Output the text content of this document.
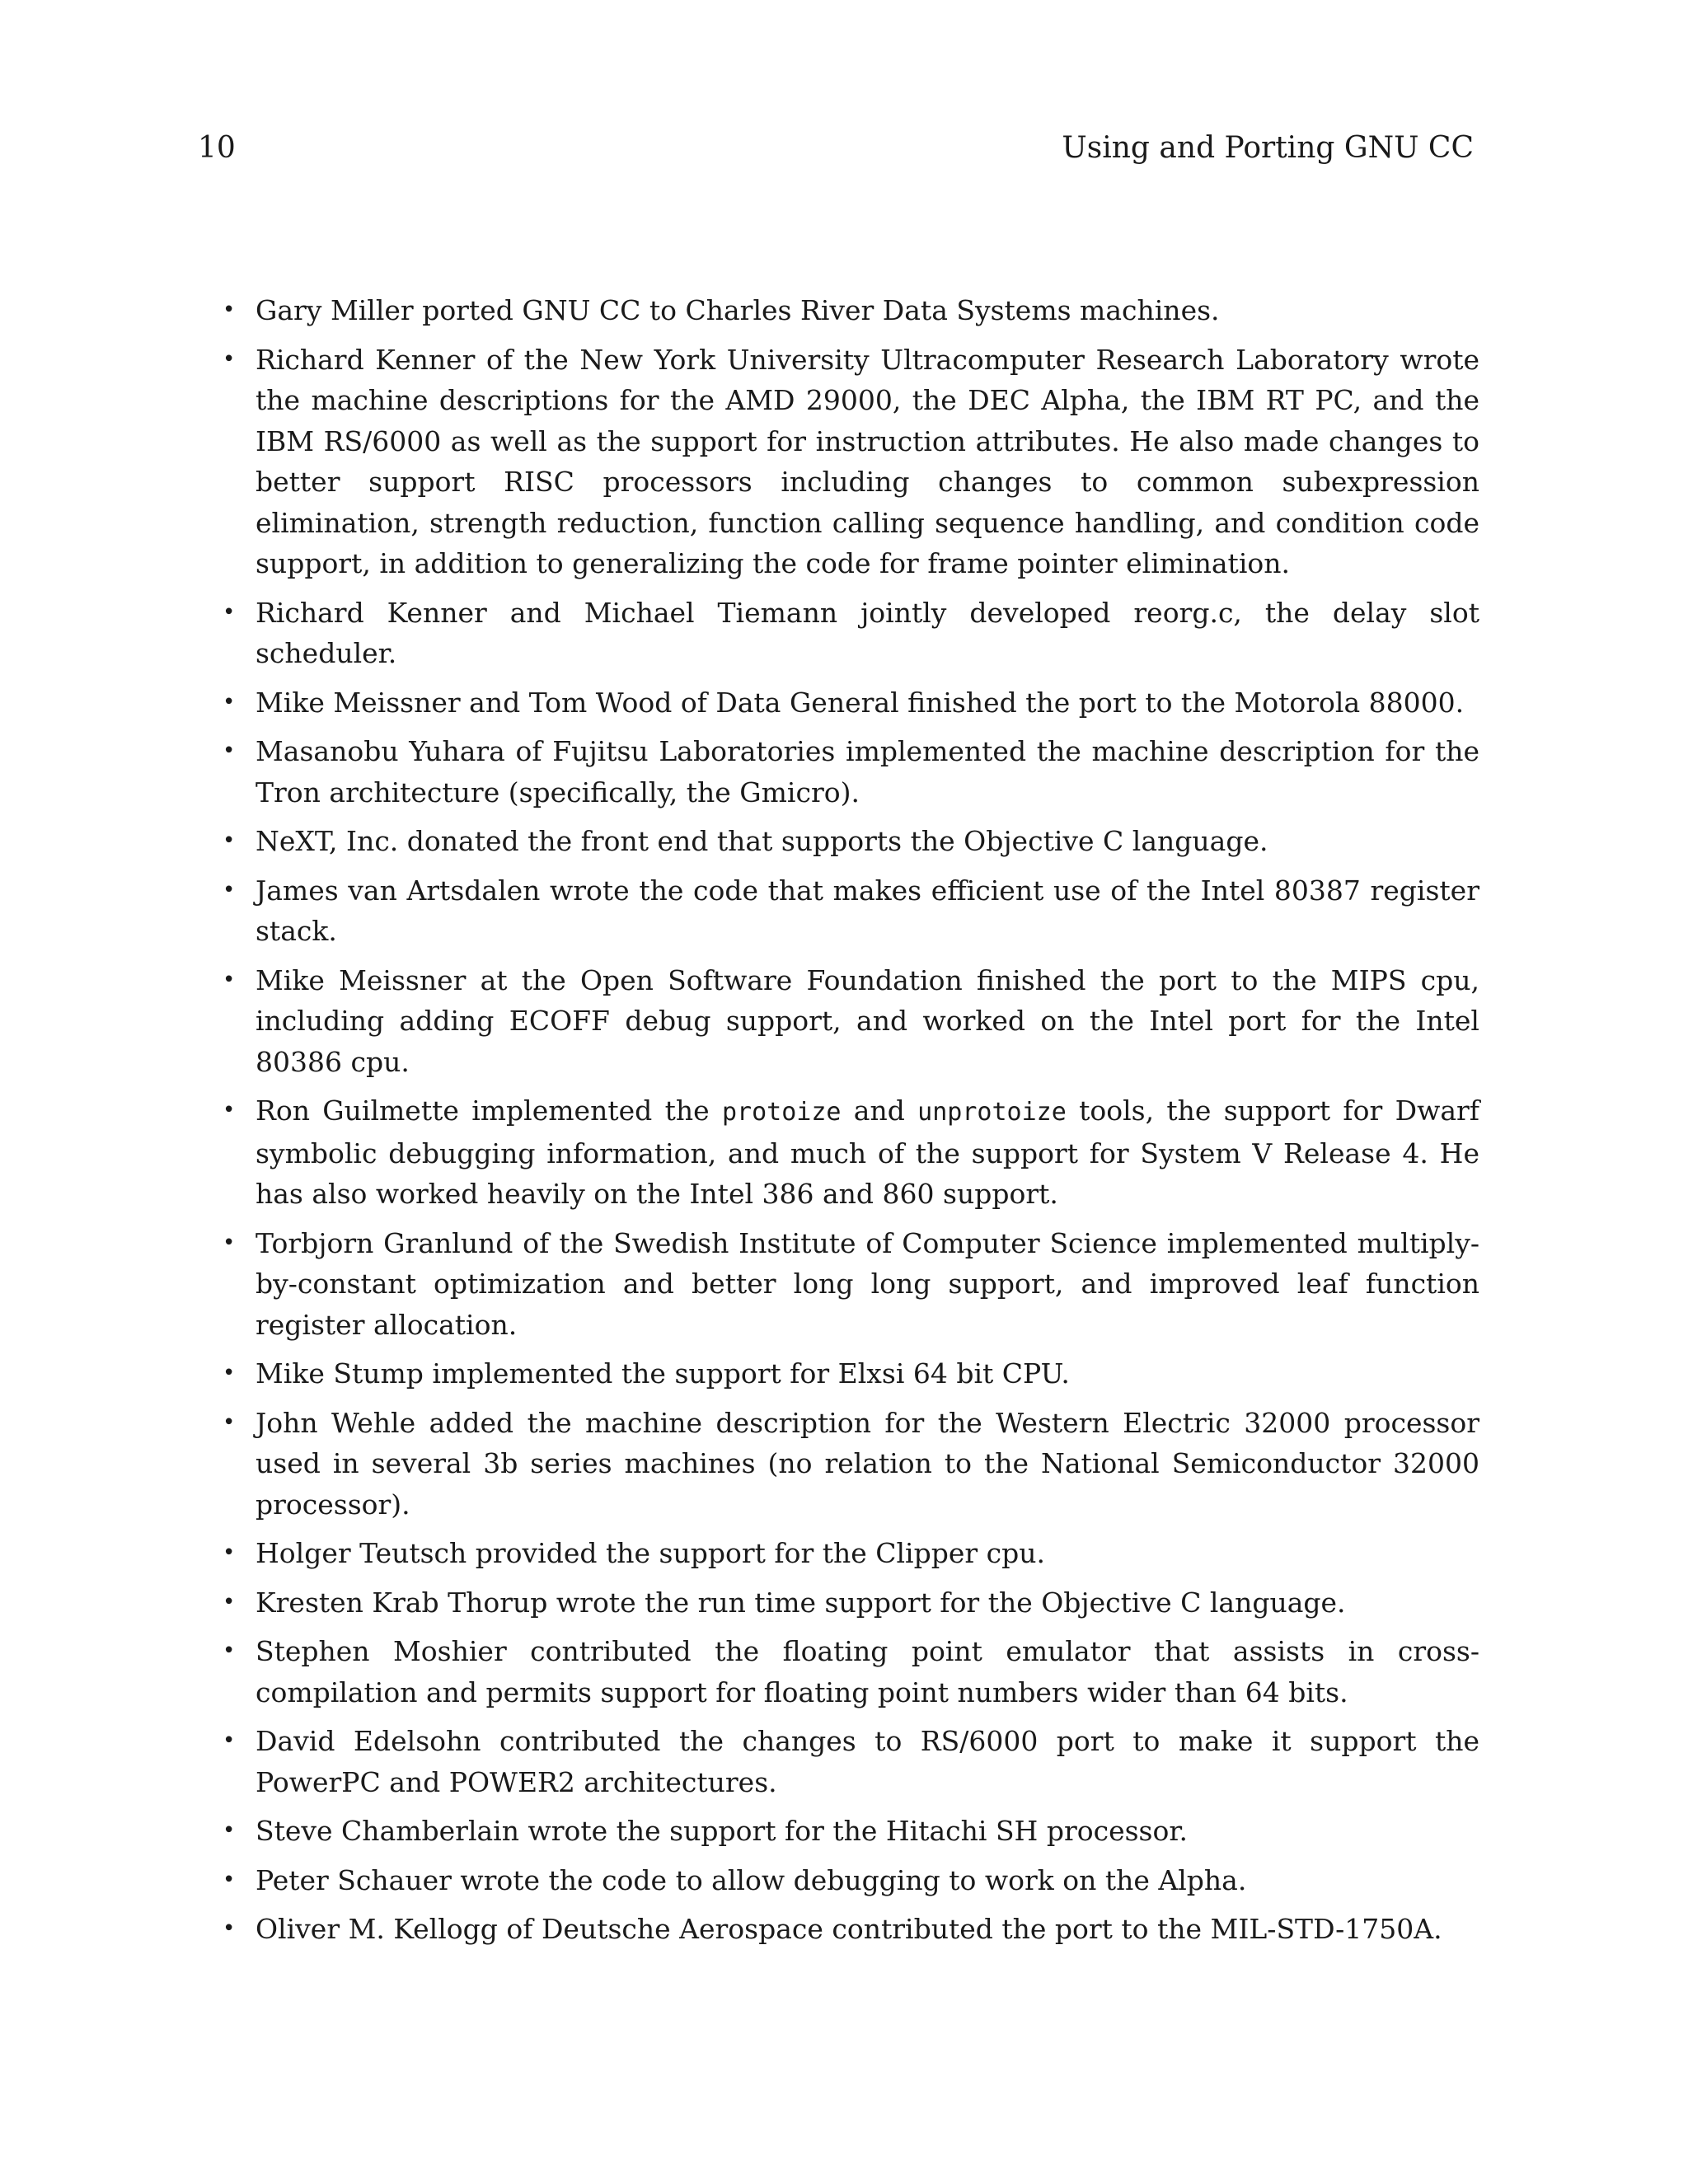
10	Using and Porting GNU CC
• Gary Miller ported GNU CC to Charles River Data Systems machines.
• Richard Kenner of the New York University Ultracomputer Research Laboratory wrote the machine descriptions for the AMD 29000, the DEC Alpha, the IBM RT PC, and the IBM RS/6000 as well as the support for instruction attributes. He also made changes to better support RISC processors including changes to common subexpression elimination, strength reduction, function calling sequence handling, and condition code support, in addition to generalizing the code for frame pointer elimination.
• Richard Kenner and Michael Tiemann jointly developed reorg.c, the delay slot scheduler.
• Mike Meissner and Tom Wood of Data General finished the port to the Motorola 88000.
• Masanobu Yuhara of Fujitsu Laboratories implemented the machine description for the Tron architecture (specifically, the Gmicro).
• NeXT, Inc. donated the front end that supports the Objective C language.
• James van Artsdalen wrote the code that makes efficient use of the Intel 80387 register stack.
• Mike Meissner at the Open Software Foundation finished the port to the MIPS cpu, including adding ECOFF debug support, and worked on the Intel port for the Intel 80386 cpu.
• Ron Guilmette implemented the protoize and unprotoize tools, the support for Dwarf symbolic debugging information, and much of the support for System V Release 4. He has also worked heavily on the Intel 386 and 860 support.
• Torbjorn Granlund of the Swedish Institute of Computer Science implemented multiply-by-constant optimization and better long long support, and improved leaf function register allocation.
• Mike Stump implemented the support for Elxsi 64 bit CPU.
• John Wehle added the machine description for the Western Electric 32000 processor used in several 3b series machines (no relation to the National Semiconductor 32000 processor).
• Holger Teutsch provided the support for the Clipper cpu.
• Kresten Krab Thorup wrote the run time support for the Objective C language.
• Stephen Moshier contributed the floating point emulator that assists in cross-compilation and permits support for floating point numbers wider than 64 bits.
• David Edelsohn contributed the changes to RS/6000 port to make it support the PowerPC and POWER2 architectures.
• Steve Chamberlain wrote the support for the Hitachi SH processor.
• Peter Schauer wrote the code to allow debugging to work on the Alpha.
• Oliver M. Kellogg of Deutsche Aerospace contributed the port to the MIL-STD-1750A.
